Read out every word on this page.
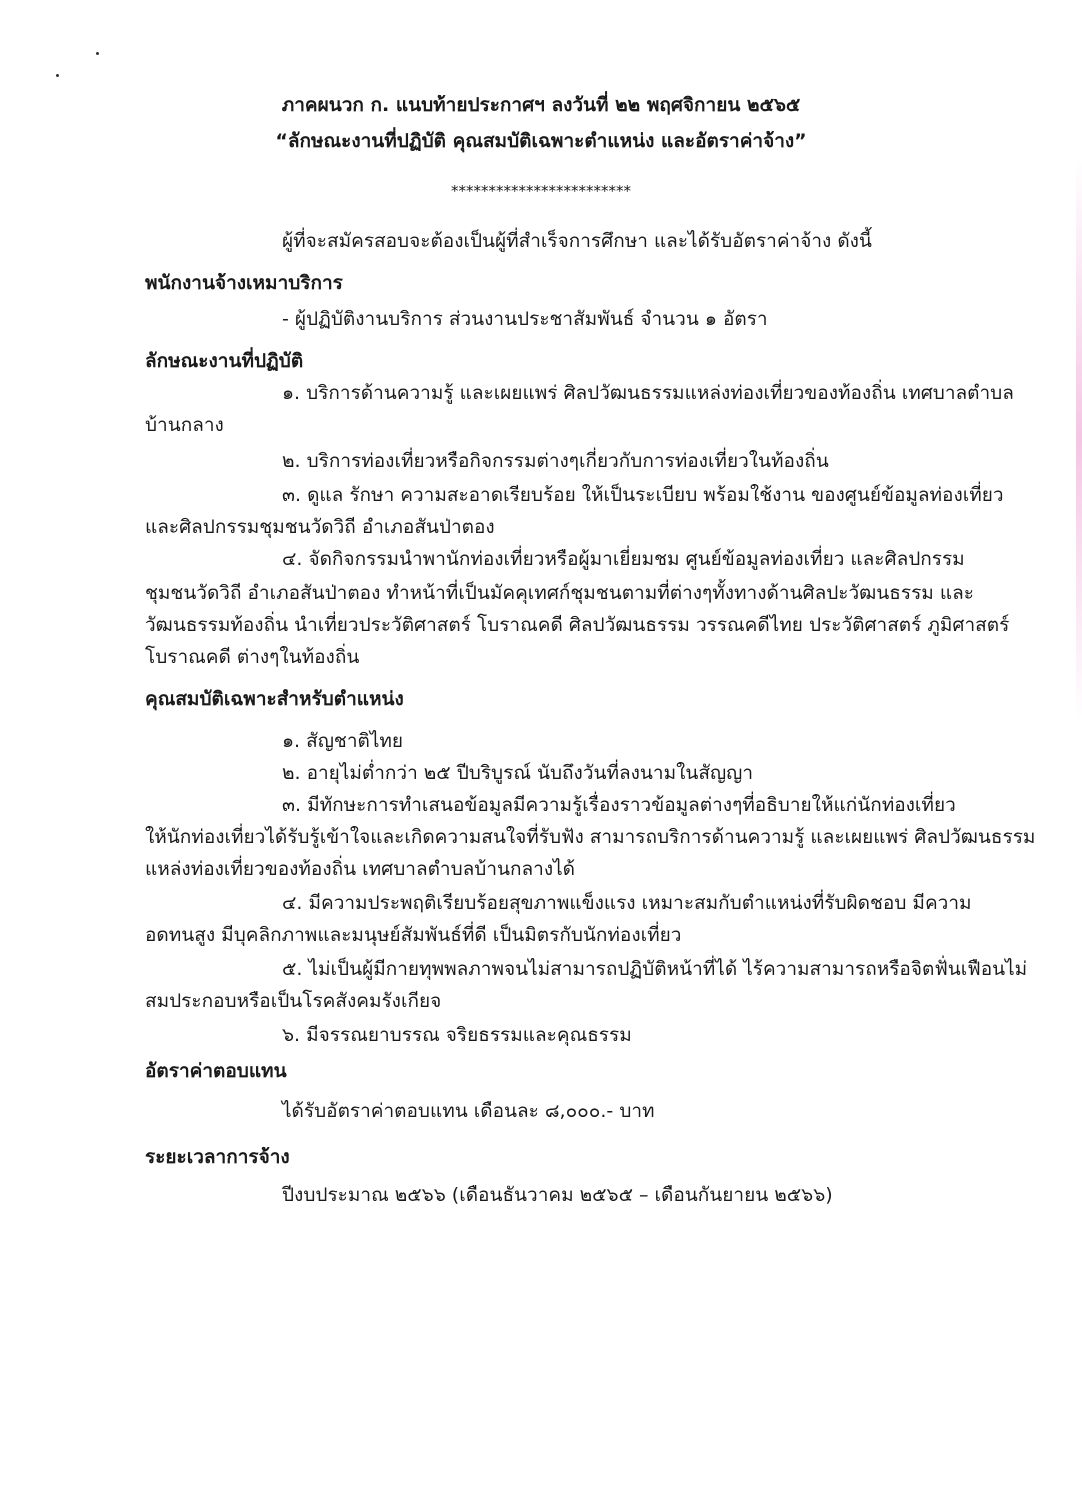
ภาคผนวก ก. แนบท้ายประกาศฯ ลงวันที่ ๒๒ พฤศจิกายน ๒๕๖๕
“ลักษณะงานที่ปฏิบัติ คุณสมบัติเฉพาะตำแหน่ง และอัตราค่าจ้าง”
************************
ผู้ที่จะสมัครสอบจะต้องเป็นผู้ที่สำเร็จการศึกษา และได้รับอัตราค่าจ้าง ดังนี้
พนักงานจ้างเหมาบริการ
- ผู้ปฏิบัติงานบริการ ส่วนงานประชาสัมพันธ์ จำนวน ๑ อัตรา
ลักษณะงานที่ปฏิบัติ
๑. บริการด้านความรู้ และเผยแพร่ ศิลปวัฒนธรรมแหล่งท่องเที่ยวของท้องถิ่น เทศบาลตำบล
บ้านกลาง
๒. บริการท่องเที่ยวหรือกิจกรรมต่างๆเกี่ยวกับการท่องเที่ยวในท้องถิ่น
๓. ดูแล รักษา ความสะอาดเรียบร้อย ให้เป็นระเบียบ พร้อมใช้งาน ของศูนย์ข้อมูลท่องเที่ยว
และศิลปกรรมชุมชนวัดวิถี อำเภอสันป่าตอง
๔. จัดกิจกรรมนำพานักท่องเที่ยวหรือผู้มาเยี่ยมชม ศูนย์ข้อมูลท่องเที่ยว และศิลปกรรม
ชุมชนวัดวิถี อำเภอสันป่าตอง ทำหน้าที่เป็นมัคคุเทศก์ชุมชนตามที่ต่างๆทั้งทางด้านศิลปะวัฒนธรรม และ
วัฒนธรรมท้องถิ่น นำเที่ยวประวัติศาสตร์ โบราณคดี ศิลปวัฒนธรรม วรรณคดีไทย ประวัติศาสตร์ ภูมิศาสตร์
โบราณคดี ต่างๆในท้องถิ่น
คุณสมบัติเฉพาะสำหรับตำแหน่ง
๑. สัญชาติไทย
๒. อายุไม่ต่ำกว่า ๒๕ ปีบริบูรณ์ นับถึงวันที่ลงนามในสัญญา
๓. มีทักษะการทำเสนอข้อมูลมีความรู้เรื่องราวข้อมูลต่างๆที่อธิบายให้แก่นักท่องเที่ยว
ให้นักท่องเที่ยวได้รับรู้เข้าใจและเกิดความสนใจที่รับฟัง สามารถบริการด้านความรู้ และเผยแพร่ ศิลปวัฒนธรรม
แหล่งท่องเที่ยวของท้องถิ่น เทศบาลตำบลบ้านกลางได้
๔. มีความประพฤติเรียบร้อยสุขภาพแข็งแรง เหมาะสมกับตำแหน่งที่รับผิดชอบ มีความ
อดทนสูง มีบุคลิกภาพและมนุษย์สัมพันธ์ที่ดี เป็นมิตรกับนักท่องเที่ยว
๕. ไม่เป็นผู้มีกายทุพพลภาพจนไม่สามารถปฏิบัติหน้าที่ได้ ไร้ความสามารถหรือจิตฟั่นเฟือนไม่
สมประกอบหรือเป็นโรคสังคมรังเกียจ
๖. มีจรรณยาบรรณ จริยธรรมและคุณธรรม
อัตราค่าตอบแทน
ได้รับอัตราค่าตอบแทน เดือนละ ๘,๐๐๐.- บาท
ระยะเวลาการจ้าง
ปีงบประมาณ ๒๕๖๖ (เดือนธันวาคม ๒๕๖๕ – เดือนกันยายน ๒๕๖๖)
